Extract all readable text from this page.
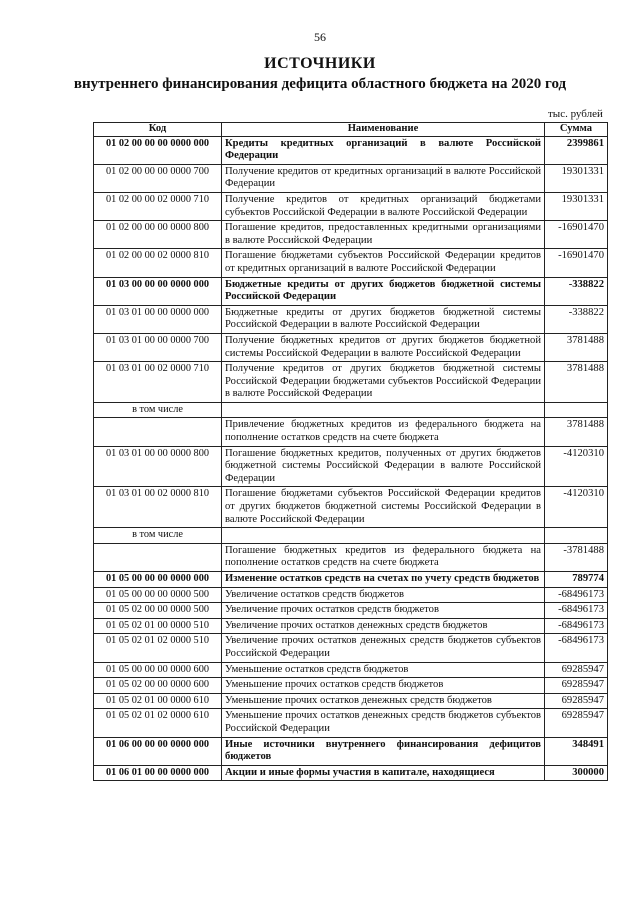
56
ИСТОЧНИКИ
внутреннего финансирования дефицита областного бюджета на 2020 год
тыс. рублей
Код	Наименование	Сумма
01 02 00 00 00 0000 000	Кредиты кредитных организаций в валюте Российской Федерации	2399861
01 02 00 00 00 0000 700	Получение кредитов от кредитных организаций в валюте Российской Федерации	19301331
01 02 00 00 02 0000 710	Получение кредитов от кредитных организаций бюджетами субъектов Российской Федерации в валюте Российской Федерации	19301331
01 02 00 00 00 0000 800	Погашение кредитов, предоставленных кредитными организациями в валюте Российской Федерации	-16901470
01 02 00 00 02 0000 810	Погашение бюджетами субъектов Российской Федерации кредитов от кредитных организаций в валюте Российской Федерации	-16901470
01 03 00 00 00 0000 000	Бюджетные кредиты от других бюджетов бюджетной системы Российской Федерации	-338822
01 03 01 00 00 0000 000	Бюджетные кредиты от других бюджетов бюджетной системы Российской Федерации в валюте Российской Федерации	-338822
01 03 01 00 00 0000 700	Получение бюджетных кредитов от других бюджетов бюджетной системы Российской Федерации в валюте Российской Федерации	3781488
01 03 01 00 02 0000 710	Получение кредитов от других бюджетов бюджетной системы Российской Федерации бюджетами субъектов Российской Федерации в валюте Российской Федерации	3781488
в том числе		
	Привлечение бюджетных кредитов из федерального бюджета на пополнение остатков средств на счете бюджета	3781488
01 03 01 00 00 0000 800	Погашение бюджетных кредитов, полученных от других бюджетов бюджетной системы Российской Федерации в валюте Российской Федерации	-4120310
01 03 01 00 02 0000 810	Погашение бюджетами субъектов Российской Федерации кредитов от других бюджетов бюджетной системы Российской Федерации в валюте Российской Федерации	-4120310
в том числе		
	Погашение бюджетных кредитов из федерального бюджета на пополнение остатков средств на счете бюджета	-3781488
01 05 00 00 00 0000 000	Изменение остатков средств на счетах по учету средств бюджетов	789774
01 05 00 00 00 0000 500	Увеличение остатков средств бюджетов	-68496173
01 05 02 00 00 0000 500	Увеличение прочих остатков средств бюджетов	-68496173
01 05 02 01 00 0000 510	Увеличение прочих остатков денежных средств бюджетов	-68496173
01 05 02 01 02 0000 510	Увеличение прочих остатков денежных средств бюджетов субъектов Российской Федерации	-68496173
01 05 00 00 00 0000 600	Уменьшение остатков средств бюджетов	69285947
01 05 02 00 00 0000 600	Уменьшение прочих остатков средств бюджетов	69285947
01 05 02 01 00 0000 610	Уменьшение прочих остатков денежных средств бюджетов	69285947
01 05 02 01 02 0000 610	Уменьшение прочих остатков денежных средств бюджетов субъектов Российской Федерации	69285947
01 06 00 00 00 0000 000	Иные источники внутреннего финансирования дефицитов бюджетов	348491
01 06 01 00 00 0000 000	Акции и иные формы участия в капитале, находящиеся	300000
